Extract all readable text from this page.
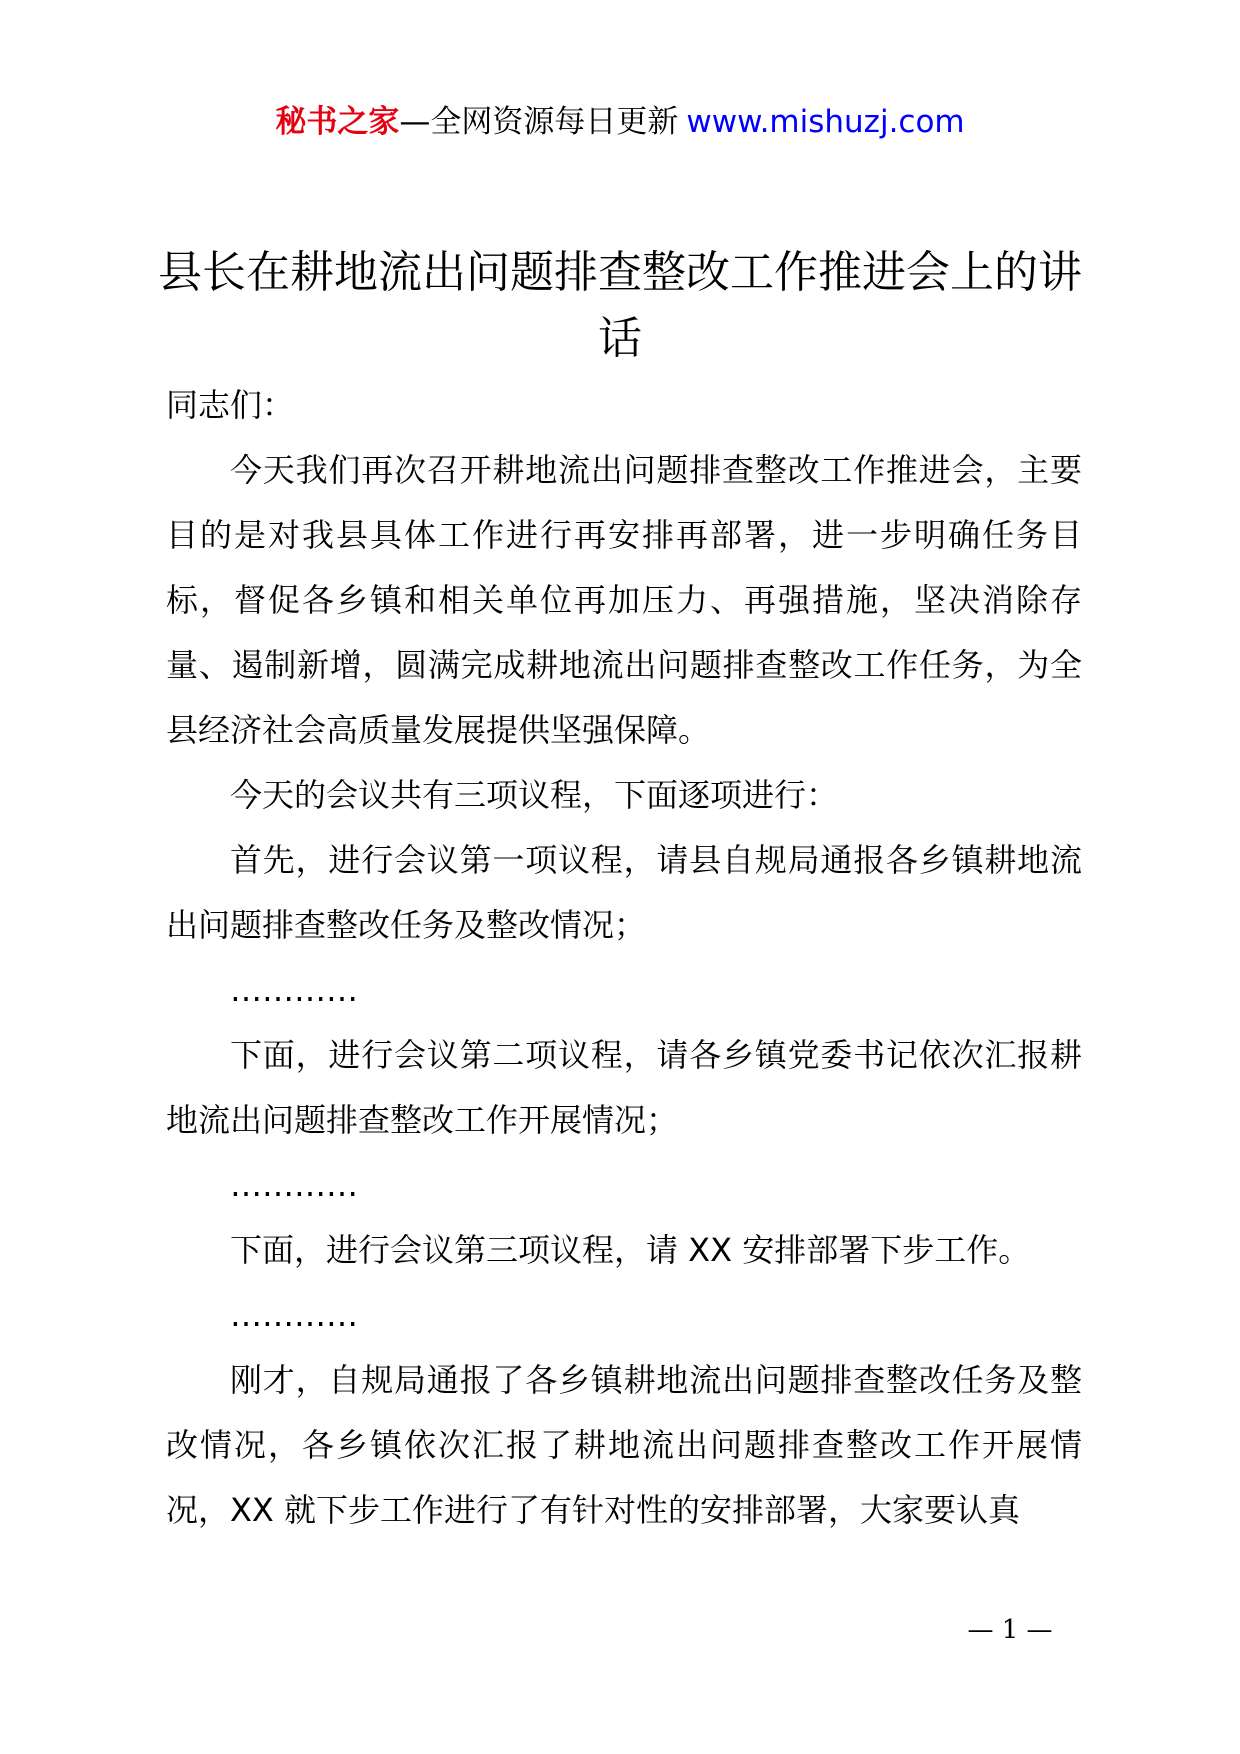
秘书之家—全网资源每日更新 www.mishuzj.com
县长在耕地流出问题排查整改工作推进会上的讲话

同志们：

今天我们再次召开耕地流出问题排查整改工作推进会，主要目的是对我县具体工作进行再安排再部署，进一步明确任务目标，督促各乡镇和相关单位再加压力、再强措施，坚决消除存量、遏制新增，圆满完成耕地流出问题排查整改工作任务，为全县经济社会高质量发展提供坚强保障。

今天的会议共有三项议程，下面逐项进行：

首先，进行会议第一项议程，请县自规局通报各乡镇耕地流出问题排查整改任务及整改情况；

…………

下面，进行会议第二项议程，请各乡镇党委书记依次汇报耕地流出问题排查整改工作开展情况；

…………

下面，进行会议第三项议程，请 XX 安排部署下步工作。

…………

刚才，自规局通报了各乡镇耕地流出问题排查整改任务及整改情况，各乡镇依次汇报了耕地流出问题排查整改工作开展情况，XX 就下步工作进行了有针对性的安排部署，大家要认真

— 1 —
